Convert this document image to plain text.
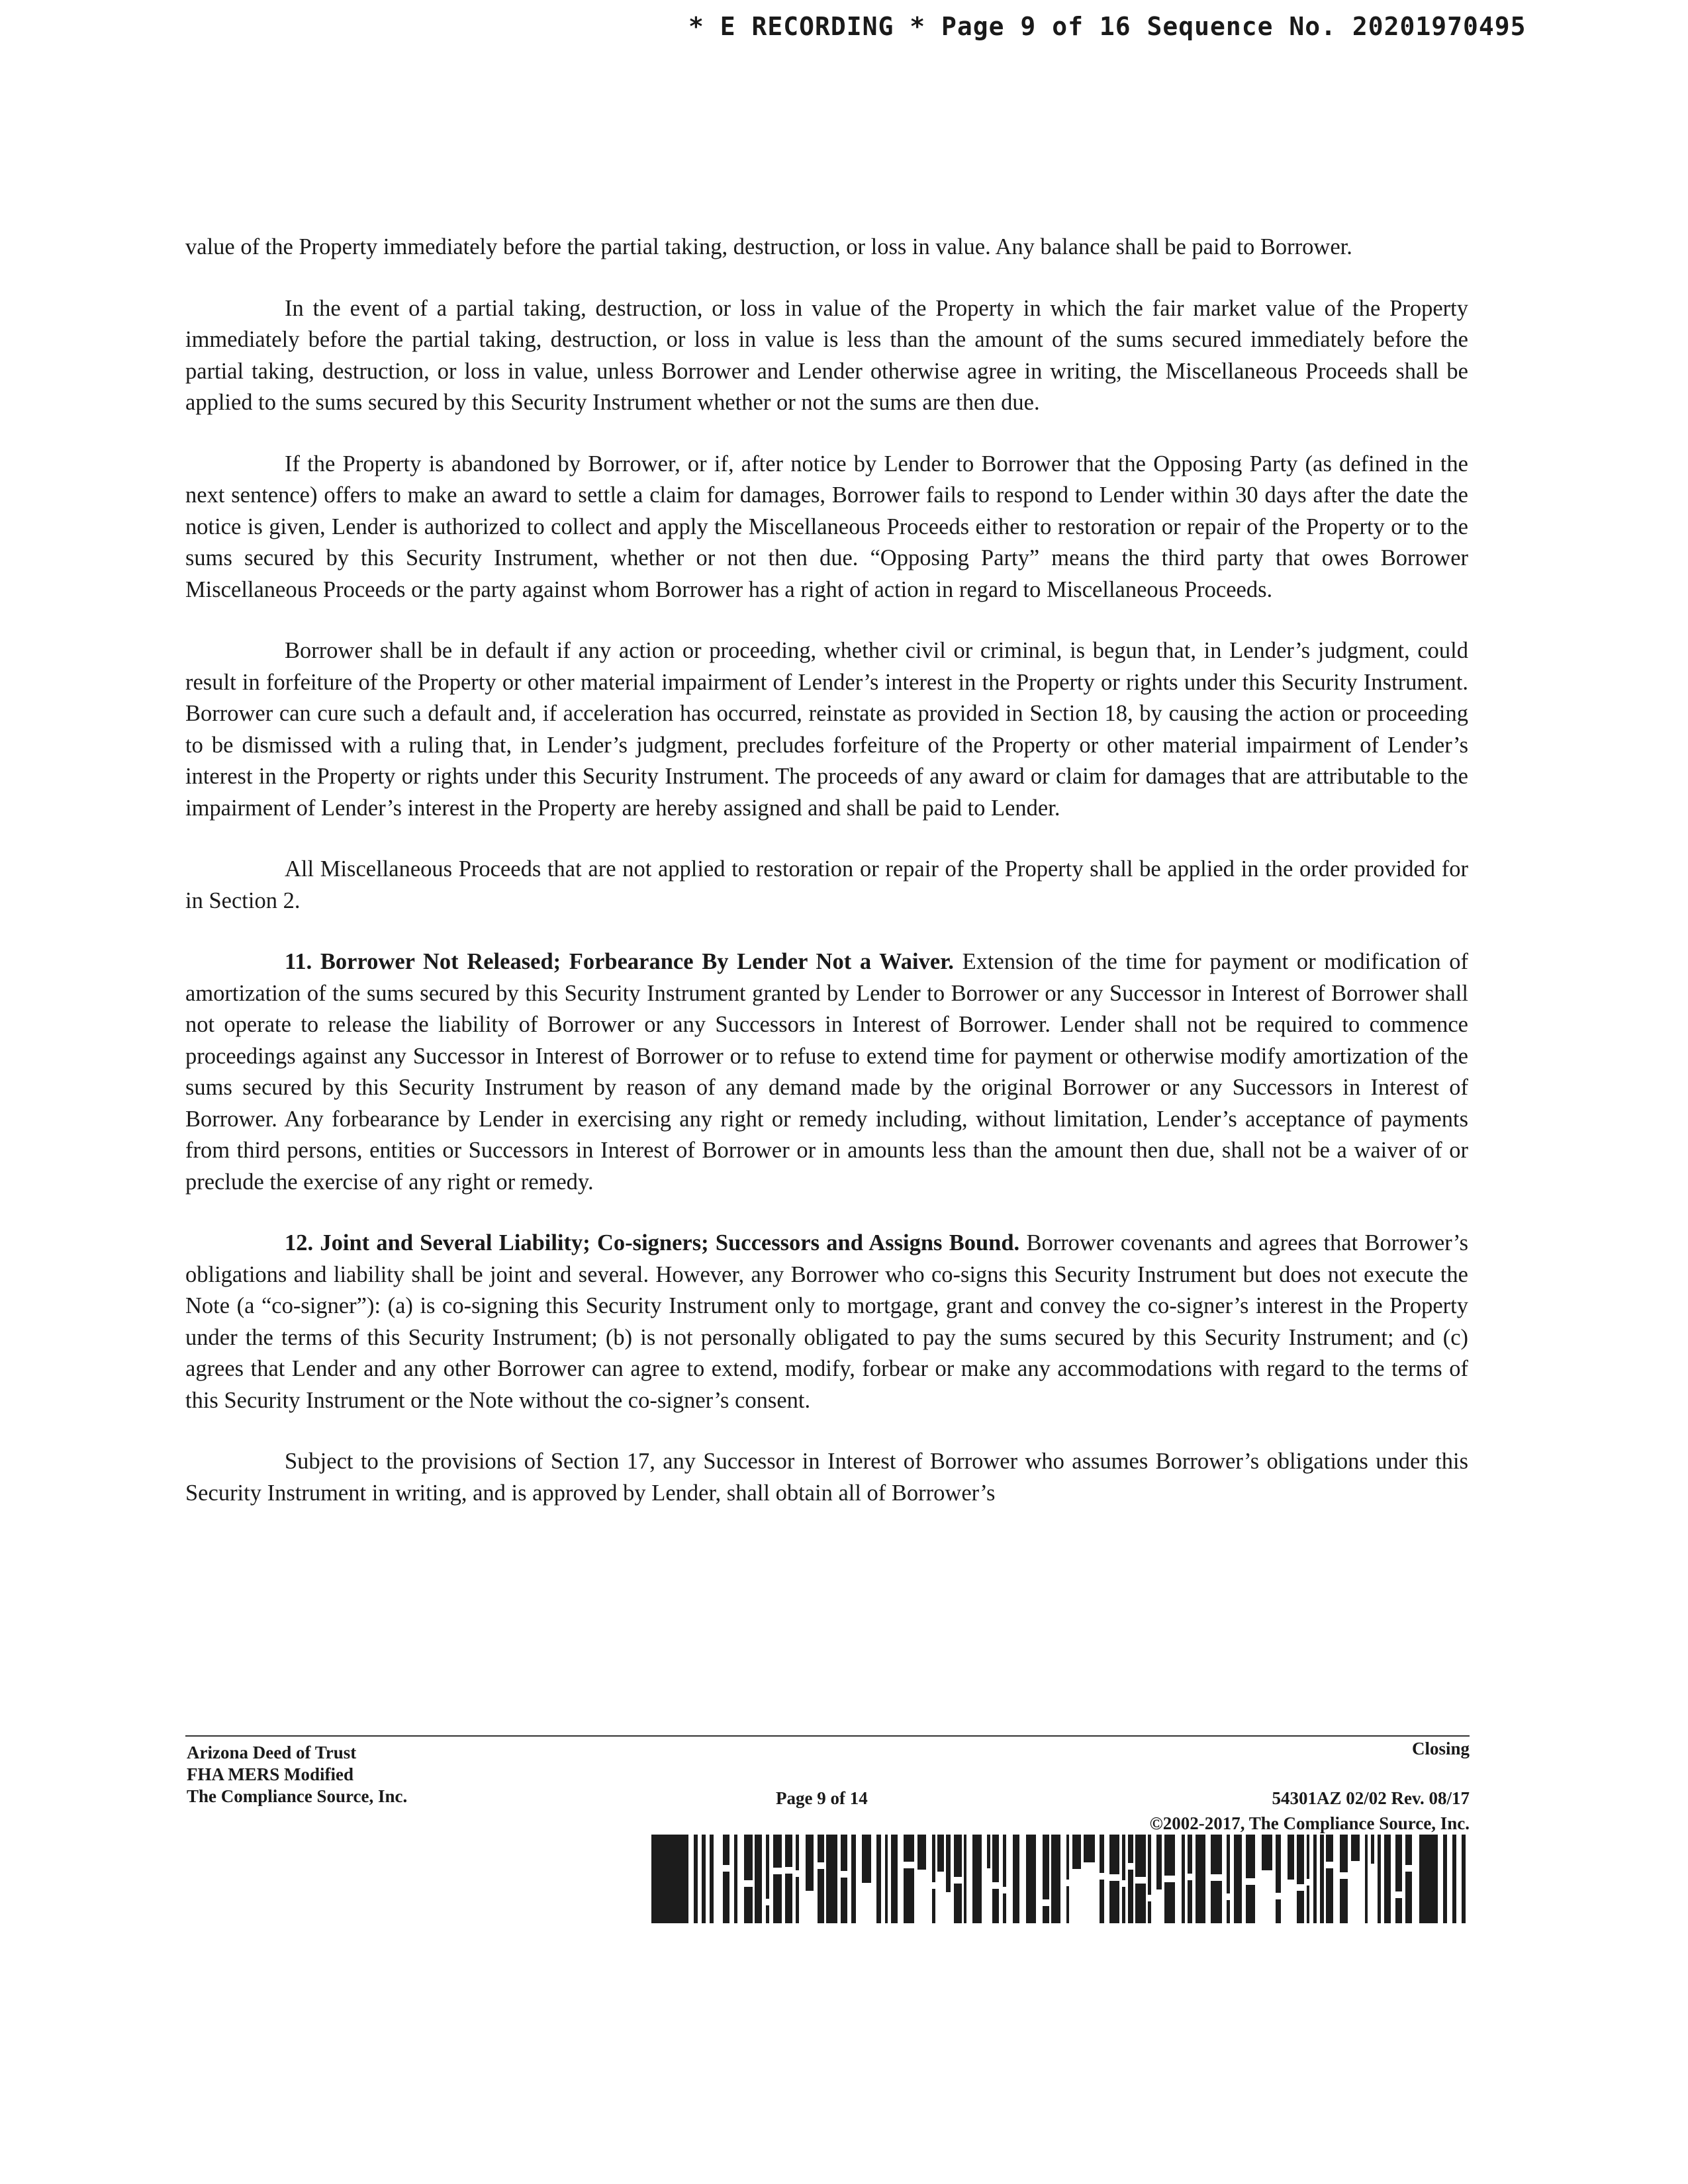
* E RECORDING * Page 9 of 16 Sequence No. 20201970495

value of the Property immediately before the partial taking, destruction, or loss in value. Any balance shall be paid to Borrower.

In the event of a partial taking, destruction, or loss in value of the Property in which the fair market value of the Property immediately before the partial taking, destruction, or loss in value is less than the amount of the sums secured immediately before the partial taking, destruction, or loss in value, unless Borrower and Lender otherwise agree in writing, the Miscellaneous Proceeds shall be applied to the sums secured by this Security Instrument whether or not the sums are then due.

If the Property is abandoned by Borrower, or if, after notice by Lender to Borrower that the Opposing Party (as defined in the next sentence) offers to make an award to settle a claim for damages, Borrower fails to respond to Lender within 30 days after the date the notice is given, Lender is authorized to collect and apply the Miscellaneous Proceeds either to restoration or repair of the Property or to the sums secured by this Security Instrument, whether or not then due. “Opposing Party” means the third party that owes Borrower Miscellaneous Proceeds or the party against whom Borrower has a right of action in regard to Miscellaneous Proceeds.

Borrower shall be in default if any action or proceeding, whether civil or criminal, is begun that, in Lender’s judgment, could result in forfeiture of the Property or other material impairment of Lender’s interest in the Property or rights under this Security Instrument. Borrower can cure such a default and, if acceleration has occurred, reinstate as provided in Section 18, by causing the action or proceeding to be dismissed with a ruling that, in Lender’s judgment, precludes forfeiture of the Property or other material impairment of Lender’s interest in the Property or rights under this Security Instrument. The proceeds of any award or claim for damages that are attributable to the impairment of Lender’s interest in the Property are hereby assigned and shall be paid to Lender.

All Miscellaneous Proceeds that are not applied to restoration or repair of the Property shall be applied in the order provided for in Section 2.

11. Borrower Not Released; Forbearance By Lender Not a Waiver. Extension of the time for payment or modification of amortization of the sums secured by this Security Instrument granted by Lender to Borrower or any Successor in Interest of Borrower shall not operate to release the liability of Borrower or any Successors in Interest of Borrower. Lender shall not be required to commence proceedings against any Successor in Interest of Borrower or to refuse to extend time for payment or otherwise modify amortization of the sums secured by this Security Instrument by reason of any demand made by the original Borrower or any Successors in Interest of Borrower. Any forbearance by Lender in exercising any right or remedy including, without limitation, Lender’s acceptance of payments from third persons, entities or Successors in Interest of Borrower or in amounts less than the amount then due, shall not be a waiver of or preclude the exercise of any right or remedy.

12. Joint and Several Liability; Co-signers; Successors and Assigns Bound. Borrower covenants and agrees that Borrower’s obligations and liability shall be joint and several. However, any Borrower who co-signs this Security Instrument but does not execute the Note (a “co-signer”): (a) is co-signing this Security Instrument only to mortgage, grant and convey the co-signer’s interest in the Property under the terms of this Security Instrument; (b) is not personally obligated to pay the sums secured by this Security Instrument; and (c) agrees that Lender and any other Borrower can agree to extend, modify, forbear or make any accommodations with regard to the terms of this Security Instrument or the Note without the co-signer’s consent.

Subject to the provisions of Section 17, any Successor in Interest of Borrower who assumes Borrower’s obligations under this Security Instrument in writing, and is approved by Lender, shall obtain all of Borrower’s

Arizona Deed of Trust
FHA MERS Modified
The Compliance Source, Inc.
Closing
Page 9 of 14	54301AZ 02/02 Rev. 08/17
©2002-2017, The Compliance Source, Inc.
